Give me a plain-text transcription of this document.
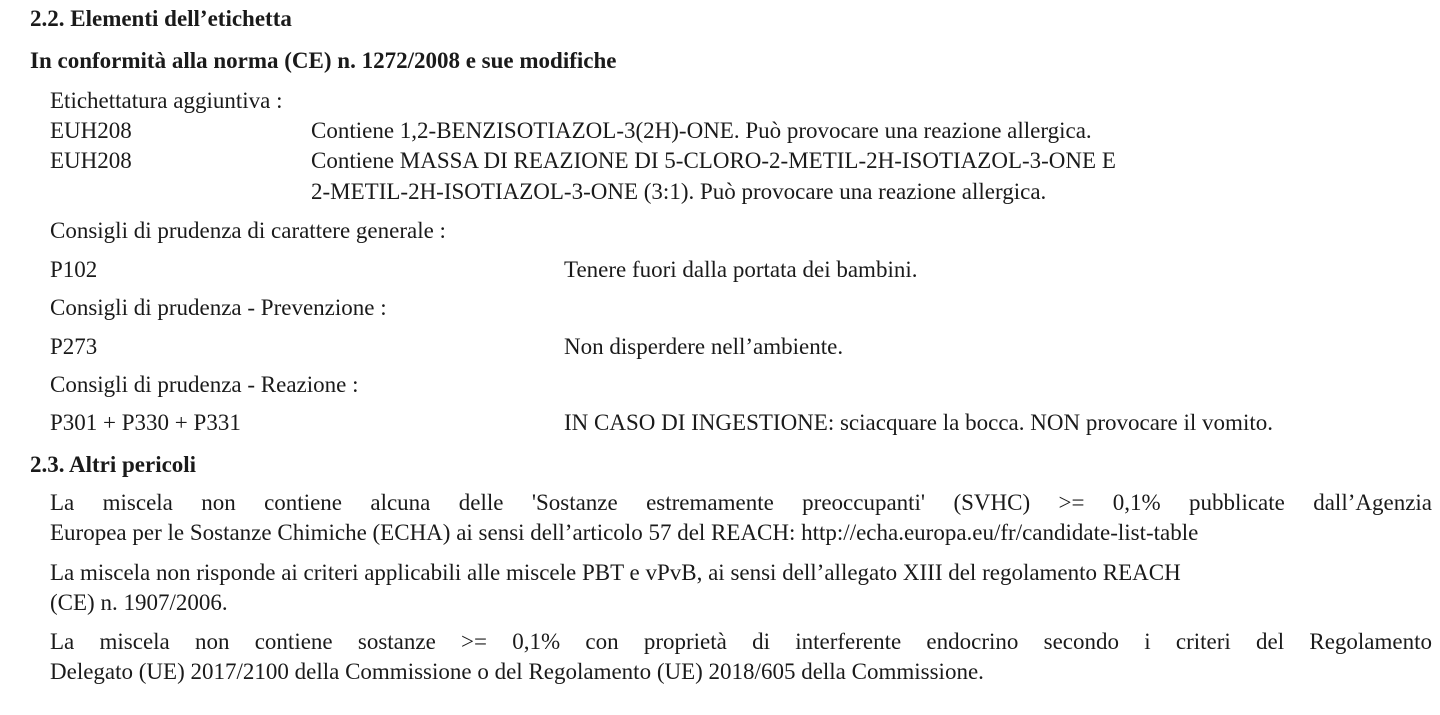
2.2. Elementi dell’etichetta
In conformità alla norma (CE) n. 1272/2008 e sue modifiche
Etichettatura aggiuntiva :
EUH208	Contiene 1,2-BENZISOTIAZOL-3(2H)-ONE. Può provocare una reazione allergica.
EUH208	Contiene MASSA DI REAZIONE DI 5-CLORO-2-METIL-2H-ISOTIAZOL-3-ONE E
2-METIL-2H-ISOTIAZOL-3-ONE (3:1). Può provocare una reazione allergica.
Consigli di prudenza di carattere generale :
P102	Tenere fuori dalla portata dei bambini.
Consigli di prudenza - Prevenzione :
P273	Non disperdere nell’ambiente.
Consigli di prudenza - Reazione :
P301 + P330 + P331	IN CASO DI INGESTIONE: sciacquare la bocca. NON provocare il vomito.
2.3. Altri pericoli
La miscela non contiene alcuna delle 'Sostanze estremamente preoccupanti' (SVHC) >= 0,1% pubblicate dall’Agenzia
Europea per le Sostanze Chimiche (ECHA) ai sensi dell’articolo 57 del REACH: http://echa.europa.eu/fr/candidate-list-table
La miscela non risponde ai criteri applicabili alle miscele PBT e vPvB, ai sensi dell’allegato XIII del regolamento REACH
(CE) n. 1907/2006.
La miscela non contiene sostanze >= 0,1% con proprietà di interferente endocrino secondo i criteri del Regolamento
Delegato (UE) 2017/2100 della Commissione o del Regolamento (UE) 2018/605 della Commissione.
